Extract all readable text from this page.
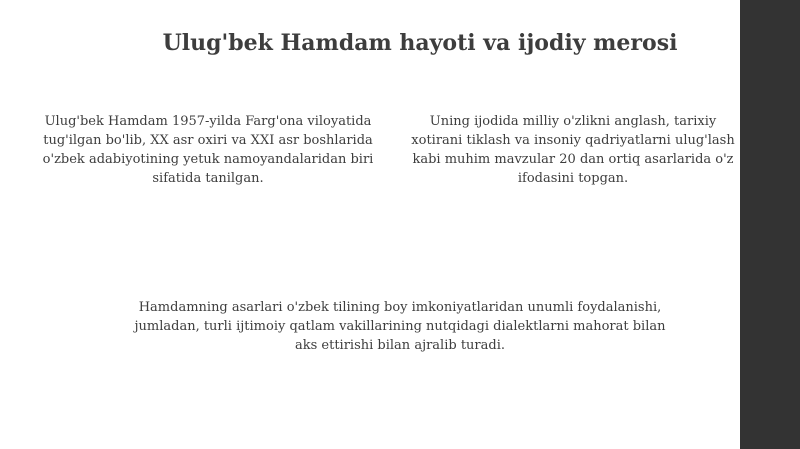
Ulug'bek Hamdam hayoti va ijodiy merosi

Ulug'bek Hamdam 1957-yilda Farg'ona viloyatida tug'ilgan bo'lib, XX asr oxiri va XXI asr boshlarida o'zbek adabiyotining yetuk namoyandalaridan biri sifatida tanilgan.

Uning ijodida milliy o'zlikni anglash, tarixiy xotirani tiklash va insoniy qadriyatlarni ulug'lash kabi muhim mavzular 20 dan ortiq asarlarida o'z ifodasini topgan.

Hamdamning asarlari o'zbek tilining boy imkoniyatlaridan unumli foydalanishi, jumladan, turli ijtimoiy qatlam vakillarining nutqidagi dialektlarni mahorat bilan aks ettirishi bilan ajralib turadi.
